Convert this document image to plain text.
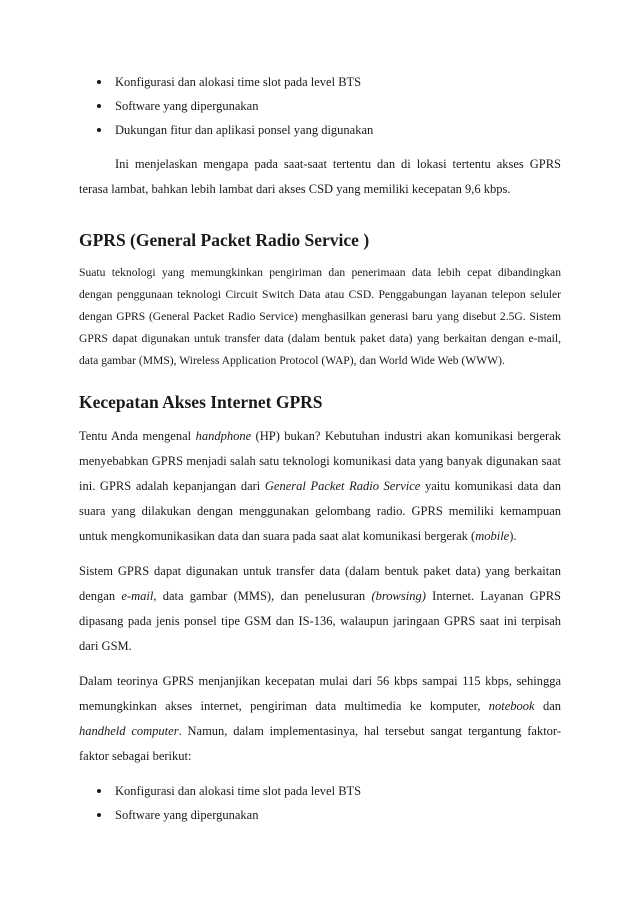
Konfigurasi dan alokasi time slot pada level BTS
Software yang dipergunakan
Dukungan fitur dan aplikasi ponsel yang digunakan

Ini menjelaskan mengapa pada saat-saat tertentu dan di lokasi tertentu akses GPRS terasa lambat, bahkan lebih lambat dari akses CSD yang memiliki kecepatan 9,6 kbps.

GPRS (General Packet Radio Service )

Suatu teknologi yang memungkinkan pengiriman dan penerimaan data lebih cepat dibandingkan dengan penggunaan teknologi Circuit Switch Data atau CSD. Penggabungan layanan telepon seluler dengan GPRS (General Packet Radio Service) menghasilkan generasi baru yang disebut 2.5G. Sistem GPRS dapat digunakan untuk transfer data (dalam bentuk paket data) yang berkaitan dengan e-mail, data gambar (MMS), Wireless Application Protocol (WAP), dan World Wide Web (WWW).

Kecepatan Akses Internet GPRS

Tentu Anda mengenal handphone (HP) bukan? Kebutuhan industri akan komunikasi bergerak menyebabkan GPRS menjadi salah satu teknologi komunikasi data yang banyak digunakan saat ini. GPRS adalah kepanjangan dari General Packet Radio Service yaitu komunikasi data dan suara yang dilakukan dengan menggunakan gelombang radio. GPRS memiliki kemampuan untuk mengkomunikasikan data dan suara pada saat alat komunikasi bergerak (mobile).

Sistem GPRS dapat digunakan untuk transfer data (dalam bentuk paket data) yang berkaitan dengan e-mail, data gambar (MMS), dan penelusuran (browsing) Internet. Layanan GPRS dipasang pada jenis ponsel tipe GSM dan IS-136, walaupun jaringaan GPRS saat ini terpisah dari GSM.

Dalam teorinya GPRS menjanjikan kecepatan mulai dari 56 kbps sampai 115 kbps, sehingga memungkinkan akses internet, pengiriman data multimedia ke komputer, notebook dan handheld computer. Namun, dalam implementasinya, hal tersebut sangat tergantung faktor-faktor sebagai berikut:

Konfigurasi dan alokasi time slot pada level BTS
Software yang dipergunakan
